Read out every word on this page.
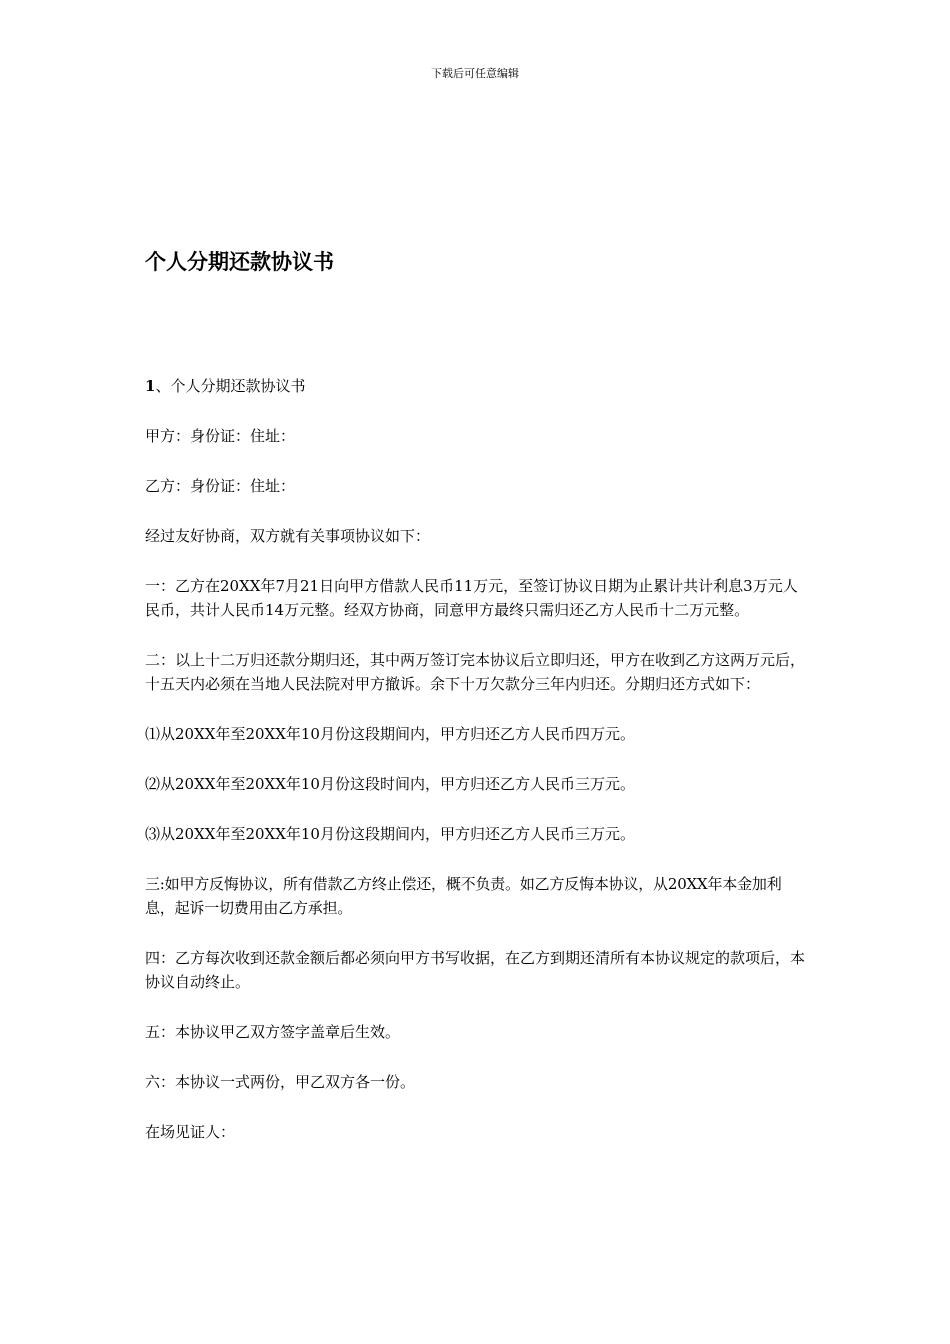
下载后可任意编辑
个人分期还款协议书

1、个人分期还款协议书

甲方：身份证：住址：

乙方：身份证：住址：

经过友好协商，双方就有关事项协议如下：

一：乙方在20XX年7月21日向甲方借款人民币11万元，至签订协议日期为止累计共计利息3万元人民币，共计人民币14万元整。经双方协商，同意甲方最终只需归还乙方人民币十二万元整。

二：以上十二万归还款分期归还，其中两万签订完本协议后立即归还，甲方在收到乙方这两万元后，十五天内必须在当地人民法院对甲方撤诉。余下十万欠款分三年内归还。分期归还方式如下：

⑴从20XX年至20XX年10月份这段期间内，甲方归还乙方人民币四万元。

⑵从20XX年至20XX年10月份这段时间内，甲方归还乙方人民币三万元。

⑶从20XX年至20XX年10月份这段期间内，甲方归还乙方人民币三万元。

三:如甲方反悔协议，所有借款乙方终止偿还，概不负责。如乙方反悔本协议，从20XX年本金加利息，起诉一切费用由乙方承担。

四：乙方每次收到还款金额后都必须向甲方书写收据，在乙方到期还清所有本协议规定的款项后，本协议自动终止。

五：本协议甲乙双方签字盖章后生效。

六：本协议一式两份，甲乙双方各一份。

在场见证人：
